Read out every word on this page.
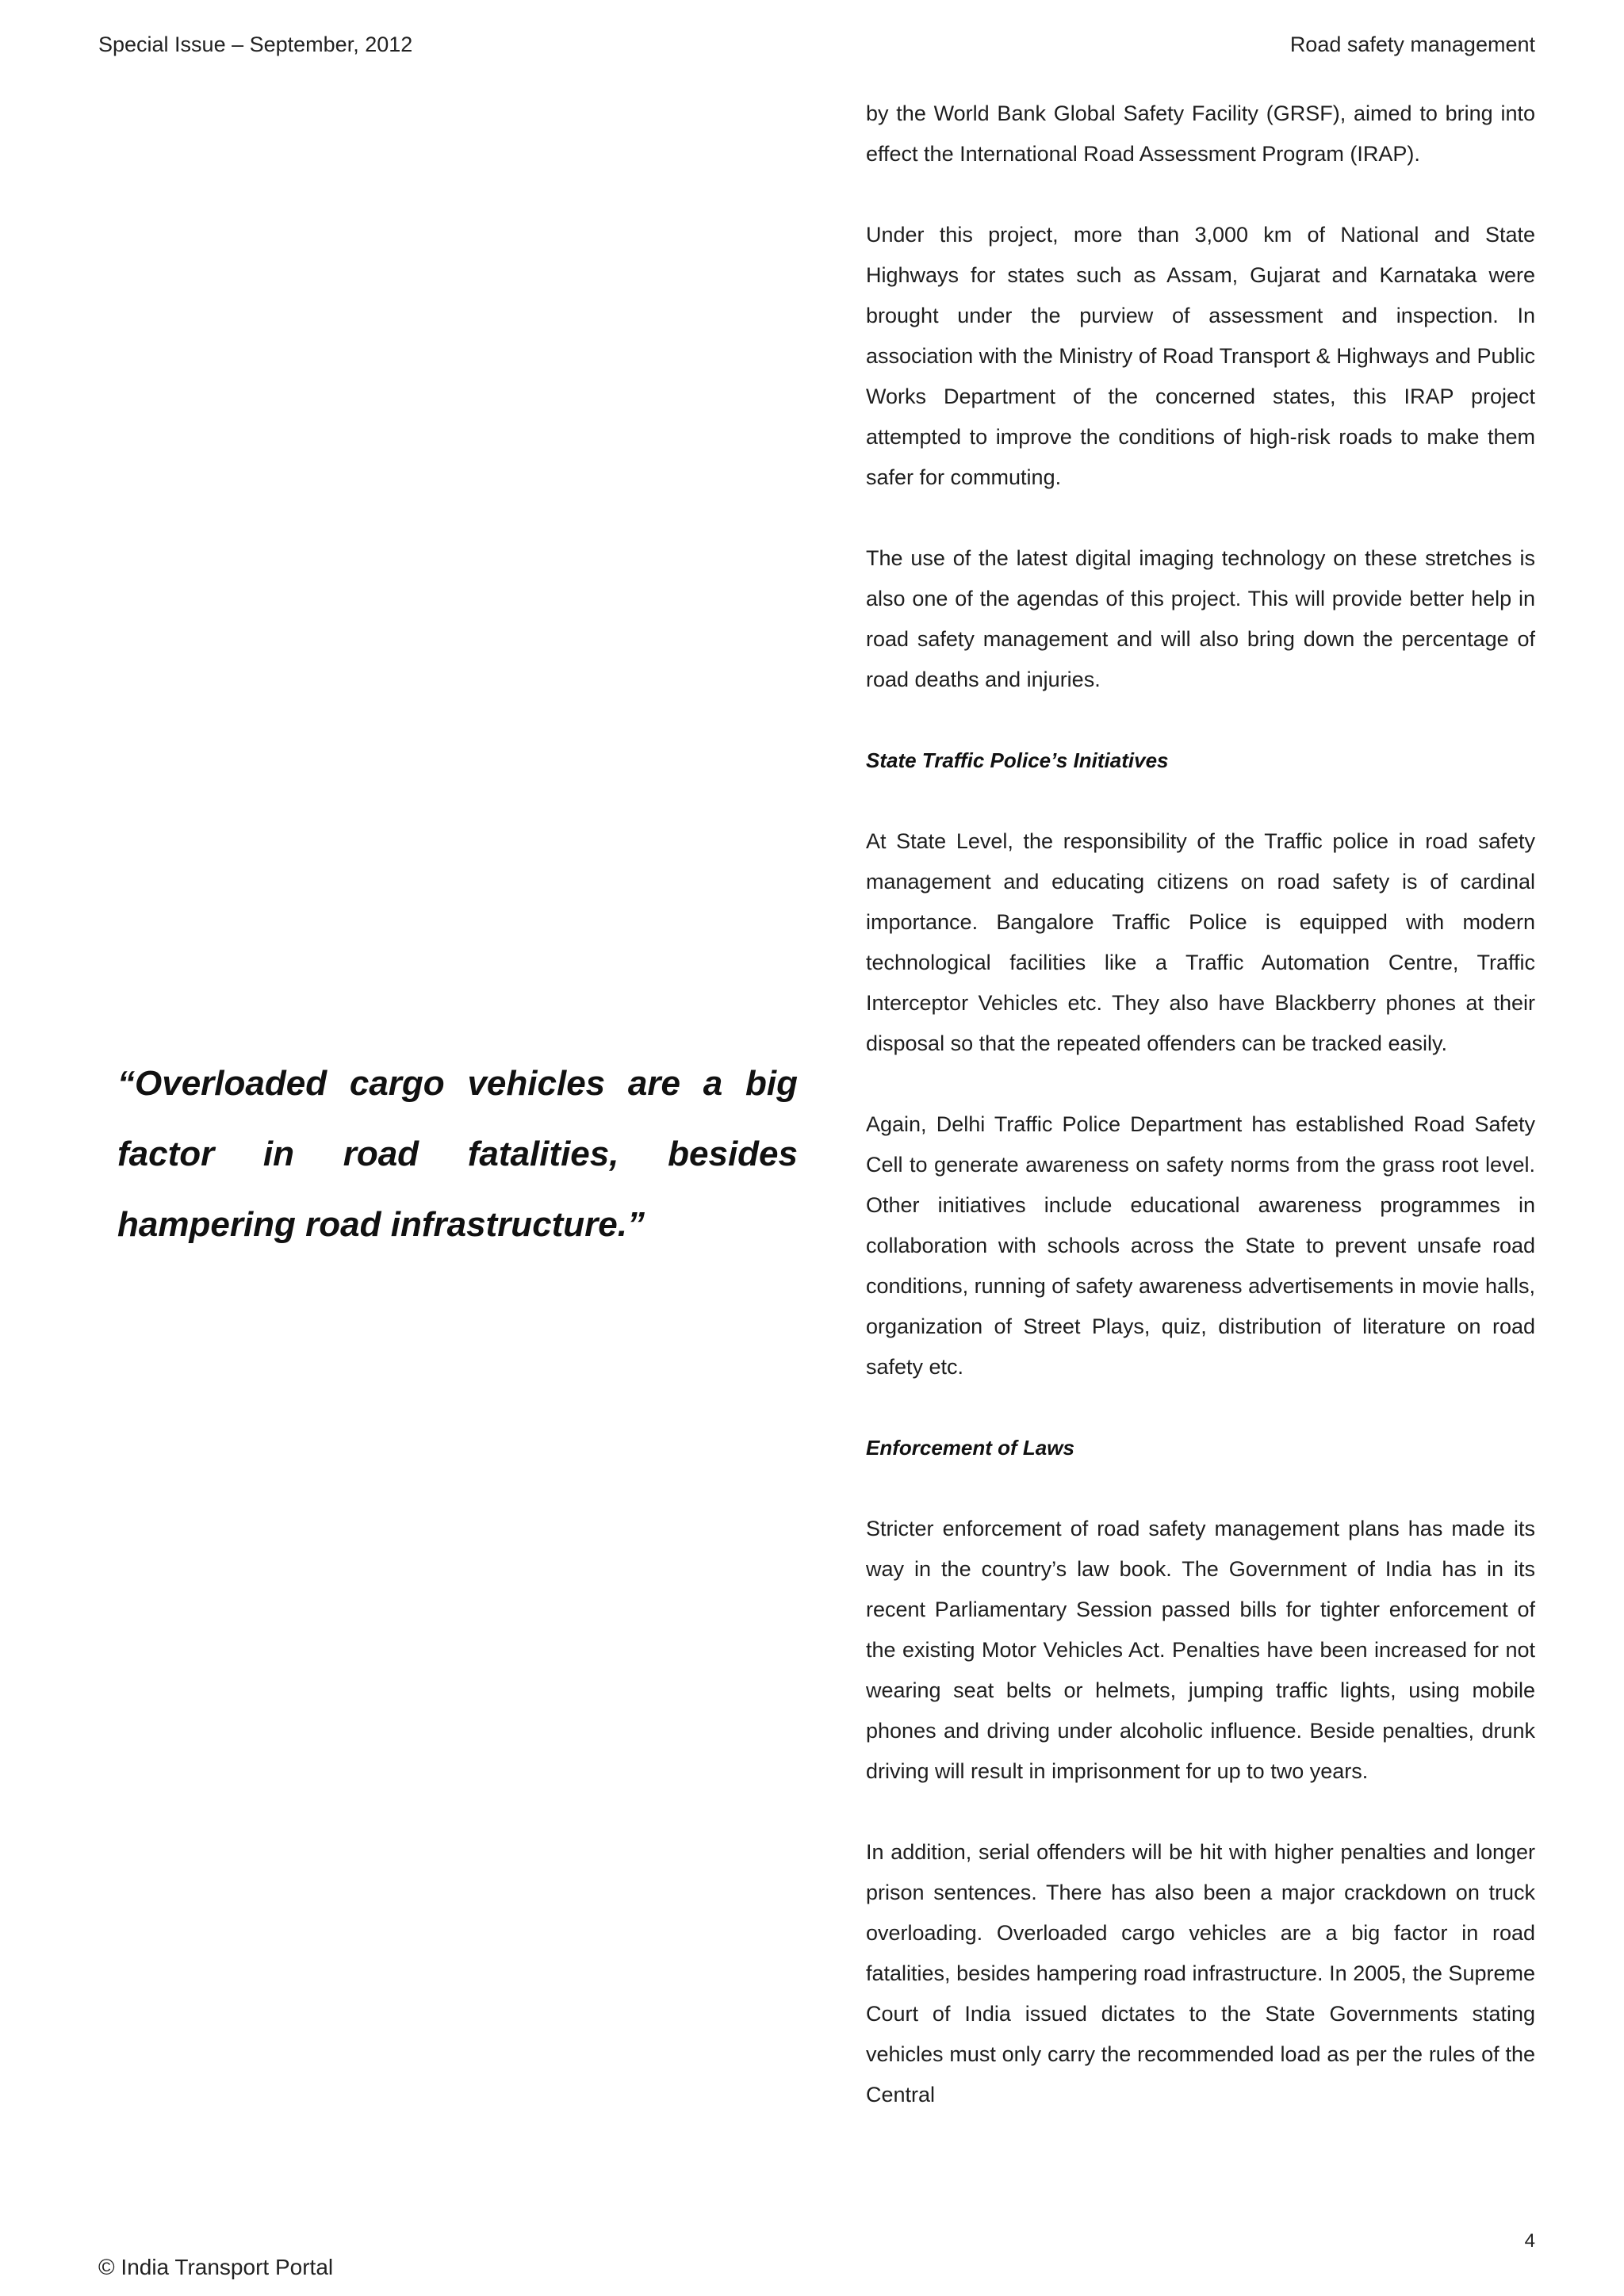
Special Issue – September, 2012	Road safety management
“Overloaded cargo vehicles are a big factor in road fatalities, besides hampering road infrastructure.”

by the World Bank Global Safety Facility (GRSF), aimed to bring into effect the International Road Assessment Program (IRAP).

Under this project, more than 3,000 km of National and State Highways for states such as Assam, Gujarat and Karnataka were brought under the purview of assessment and inspection. In association with the Ministry of Road Transport & Highways and Public Works Department of the concerned states, this IRAP project attempted to improve the conditions of high-risk roads to make them safer for commuting.

The use of the latest digital imaging technology on these stretches is also one of the agendas of this project. This will provide better help in road safety management and will also bring down the percentage of road deaths and injuries.

State Traffic Police’s Initiatives

At State Level, the responsibility of the Traffic police in road safety management and educating citizens on road safety is of cardinal importance. Bangalore Traffic Police is equipped with modern technological facilities like a Traffic Automation Centre, Traffic Interceptor Vehicles etc. They also have Blackberry phones at their disposal so that the repeated offenders can be tracked easily.

Again, Delhi Traffic Police Department has established Road Safety Cell to generate awareness on safety norms from the grass root level. Other initiatives include educational awareness programmes in collaboration with schools across the State to prevent unsafe road conditions, running of safety awareness advertisements in movie halls, organization of Street Plays, quiz, distribution of literature on road safety etc.

Enforcement of Laws

Stricter enforcement of road safety management plans has made its way in the country’s law book. The Government of India has in its recent Parliamentary Session passed bills for tighter enforcement of the existing Motor Vehicles Act. Penalties have been increased for not wearing seat belts or helmets, jumping traffic lights, using mobile phones and driving under alcoholic influence. Beside penalties, drunk driving will result in imprisonment for up to two years.

In addition, serial offenders will be hit with higher penalties and longer prison sentences. There has also been a major crackdown on truck overloading. Overloaded cargo vehicles are a big factor in road fatalities, besides hampering road infrastructure. In 2005, the Supreme Court of India issued dictates to the State Governments stating vehicles must only carry the recommended load as per the rules of the Central

4
© India Transport Portal
